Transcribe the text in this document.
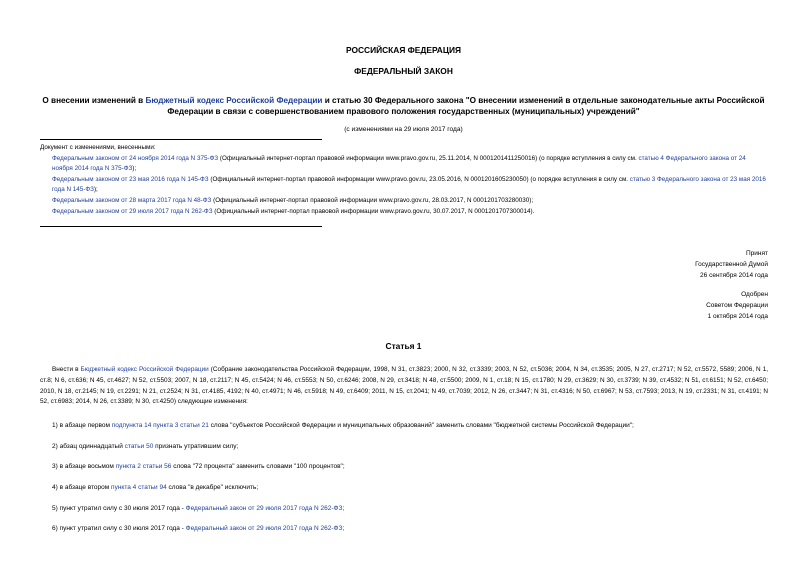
РОССИЙСКАЯ ФЕДЕРАЦИЯ
ФЕДЕРАЛЬНЫЙ ЗАКОН
О внесении изменений в Бюджетный кодекс Российской Федерации и статью 30 Федерального закона "О внесении изменений в отдельные законодательные акты Российской Федерации в связи с совершенствованием правового положения государственных (муниципальных) учреждений"
(с изменениями на 29 июля 2017 года)

Документ с изменениями, внесенными:

Федеральным законом от 24 ноября 2014 года N 375-ФЗ (Официальный интернет-портал правовой информации www.pravo.gov.ru, 25.11.2014, N 0001201411250016) (о порядке вступления в силу см. статью 4 Федерального закона от 24 ноября 2014 года N 375-ФЗ);

Федеральным законом от 23 мая 2016 года N 145-ФЗ (Официальный интернет-портал правовой информации www.pravo.gov.ru, 23.05.2016, N 0001201605230050) (о порядке вступления в силу см. статью 3 Федерального закона от 23 мая 2016 года N 145-ФЗ);

Федеральным законом от 28 марта 2017 года N 48-ФЗ (Официальный интернет-портал правовой информации www.pravo.gov.ru, 28.03.2017, N 0001201703280030);

Федеральным законом от 29 июля 2017 года N 262-ФЗ (Официальный интернет-портал правовой информации www.pravo.gov.ru, 30.07.2017, N 0001201707300014).

Принят
Государственной Думой
26 сентября 2014 года
Одобрен
Советом Федерации
1 октября 2014 года
Статья 1
Внести в Бюджетный кодекс Российской Федерации (Собрание законодательства Российской Федерации, 1998, N 31, ст.3823; 2000, N 32, ст.3339; 2003, N 52, ст.5036; 2004, N 34, ст.3535; 2005, N 27, ст.2717; N 52, ст.5572, 5589; 2006, N 1, ст.8; N 6, ст.636; N 45, ст.4627; N 52, ст.5503; 2007, N 18, ст.2117; N 45, ст.5424; N 46, ст.5553; N 50, ст.6246; 2008, N 29, ст.3418; N 48, ст.5500; 2009, N 1, ст.18; N 15, ст.1780; N 29, ст.3629; N 30, ст.3739; N 39, ст.4532; N 51, ст.6151; N 52, ст.6450; 2010, N 18, ст.2145; N 19, ст.2291; N 21, ст.2524; N 31, ст.4185, 4192; N 40, ст.4971; N 46, ст.5918; N 49, ст.6409; 2011, N 15, ст.2041; N 49, ст.7039; 2012, N 26, ст.3447; N 31, ст.4316; N 50, ст.6967; N 53, ст.7593; 2013, N 19, ст.2331; N 31, ст.4191; N 52, ст.6983; 2014, N 26, ст.3389; N 30, ст.4250) следующие изменения:
1) в абзаце первом подпункта 14 пункта 3 статьи 21 слова "субъектов Российской Федерации и муниципальных образований" заменить словами "бюджетной системы Российской Федерации";
2) абзац одиннадцатый статьи 50 признать утратившим силу;
3) в абзаце восьмом пункта 2 статьи 56 слова "72 процента" заменить словами "100 процентов";
4) в абзаце втором пункта 4 статьи 94 слова "в декабре" исключить;
5) пункт утратил силу с 30 июля 2017 года - Федеральный закон от 29 июля 2017 года N 262-ФЗ;
6) пункт утратил силу с 30 июля 2017 года - Федеральный закон от 29 июля 2017 года N 262-ФЗ;
